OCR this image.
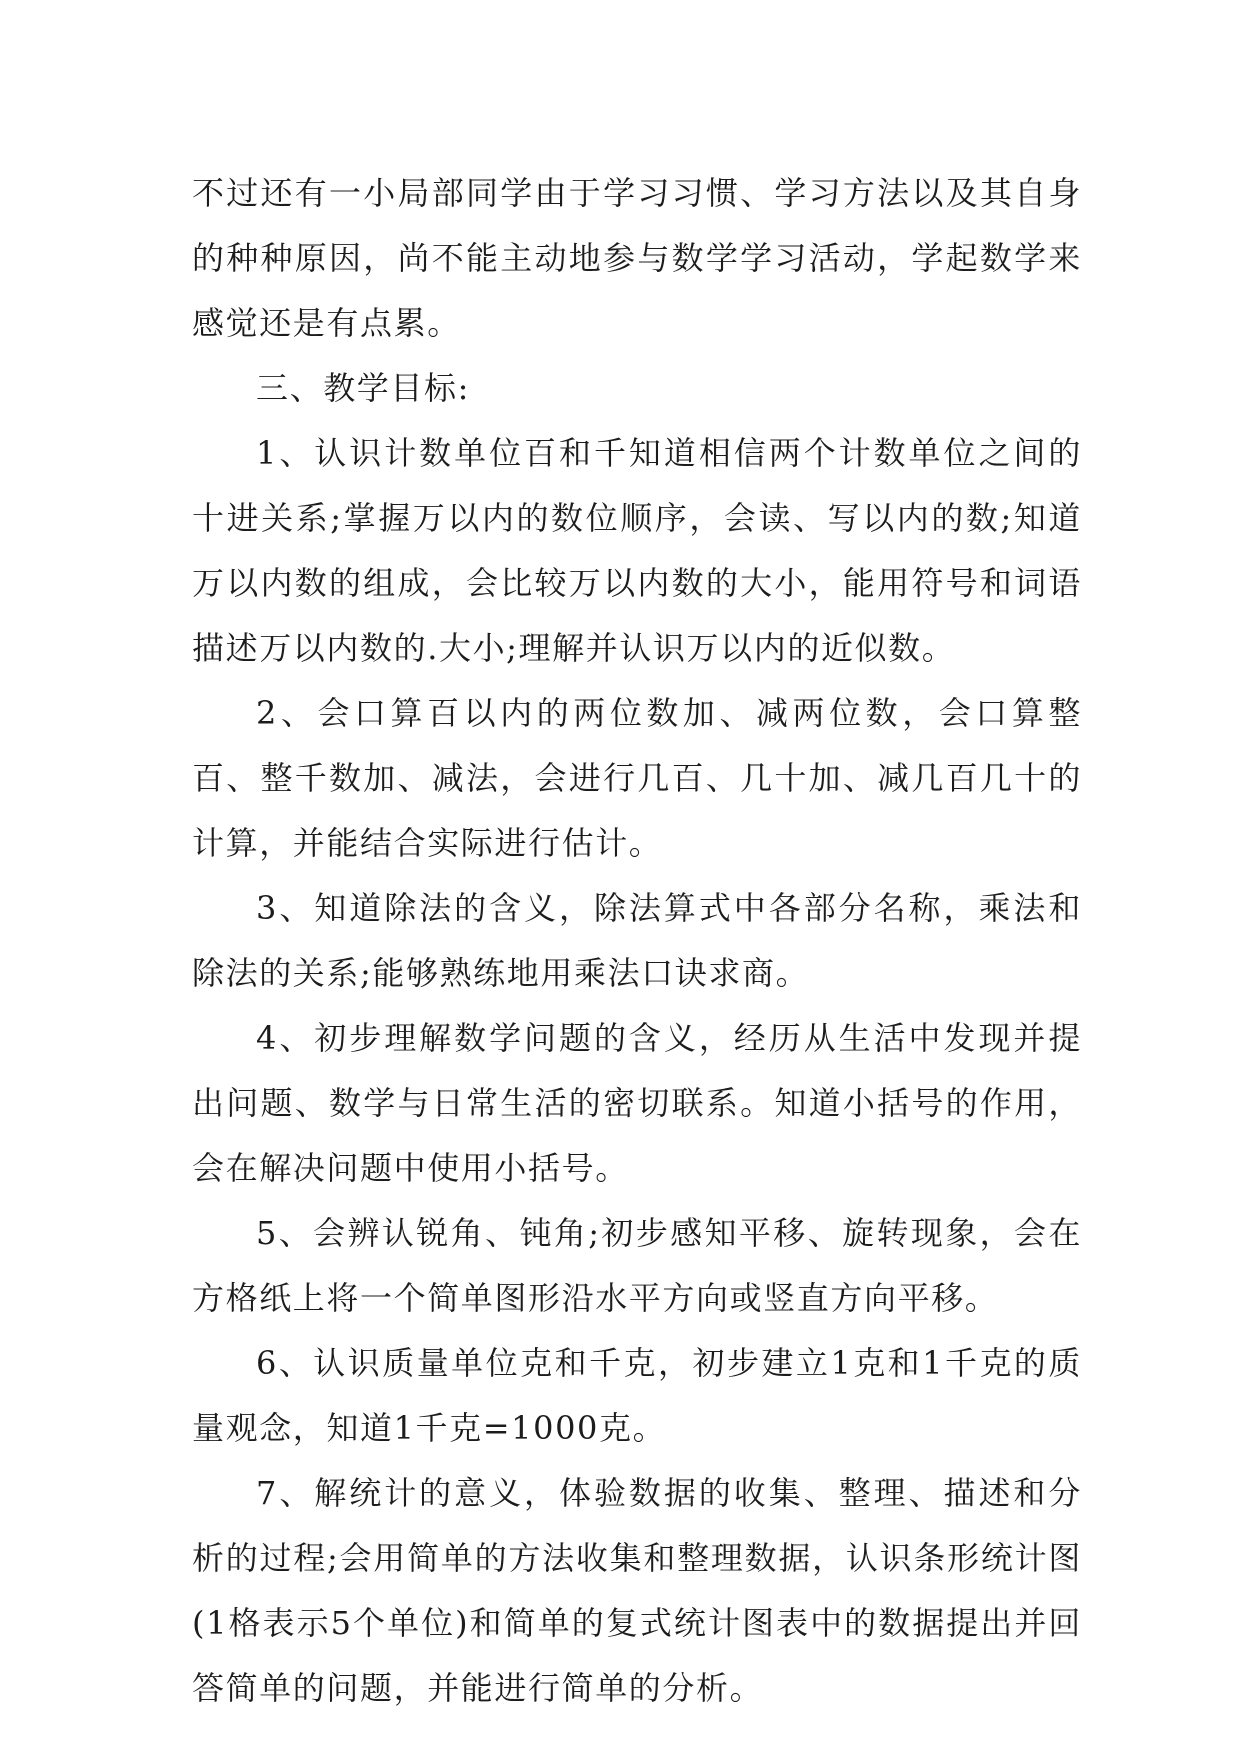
不过还有一小局部同学由于学习习惯、学习方法以及其自身的种种原因，尚不能主动地参与数学学习活动，学起数学来感觉还是有点累。

三、教学目标:

1、认识计数单位百和千知道相信两个计数单位之间的十进关系;掌握万以内的数位顺序，会读、写以内的数;知道万以内数的组成，会比较万以内数的大小，能用符号和词语描述万以内数的.大小;理解并认识万以内的近似数。

2、会口算百以内的两位数加、减两位数，会口算整百、整千数加、减法，会进行几百、几十加、减几百几十的计算，并能结合实际进行估计。

3、知道除法的含义，除法算式中各部分名称，乘法和除法的关系;能够熟练地用乘法口诀求商。

4、初步理解数学问题的含义，经历从生活中发现并提出问题、数学与日常生活的密切联系。知道小括号的作用，会在解决问题中使用小括号。

5、会辨认锐角、钝角;初步感知平移、旋转现象，会在方格纸上将一个简单图形沿水平方向或竖直方向平移。

6、认识质量单位克和千克，初步建立1克和1千克的质量观念，知道1千克=1000克。

7、解统计的意义，体验数据的收集、整理、描述和分析的过程;会用简单的方法收集和整理数据，认识条形统计图(1格表示5个单位)和简单的复式统计图表中的数据提出并回答简单的问题，并能进行简单的分析。
